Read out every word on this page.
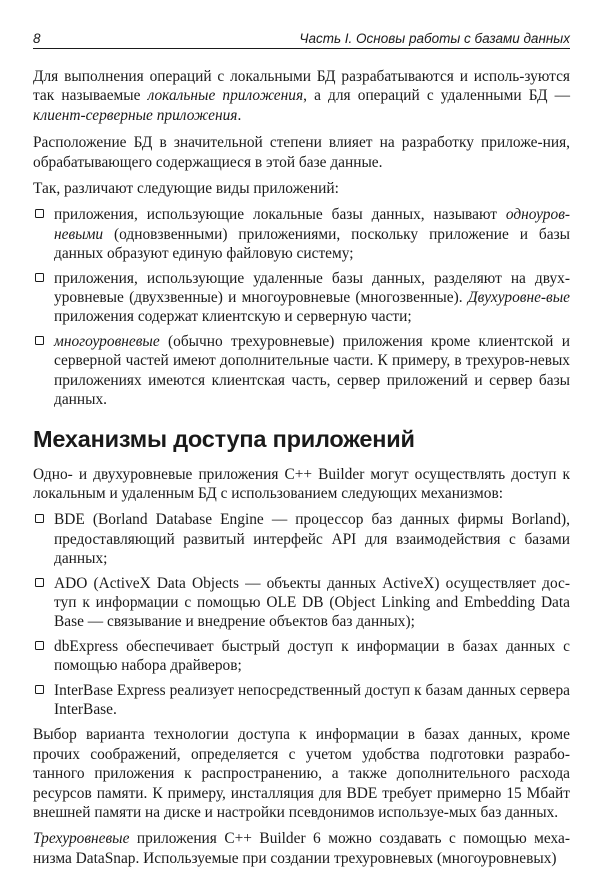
8	Часть I. Основы работы с базами данных

Для выполнения операций с локальными БД разрабатываются и исполь-зуются так называемые локальные приложения, а для операций с удаленными БД — клиент-серверные приложения.

Расположение БД в значительной степени влияет на разработку приложе-ния, обрабатывающего содержащиеся в этой базе данные.

Так, различают следующие виды приложений:

приложения, использующие локальные базы данных, называют одноуров-невыми (одновзвенными) приложениями, поскольку приложение и базы данных образуют единую файловую систему;
приложения, использующие удаленные базы данных, разделяют на двух-уровневые (двухзвенные) и многоуровневые (многозвенные). Двухуровне-вые приложения содержат клиентскую и серверную части;
многоуровневые (обычно трехуровневые) приложения кроме клиентской и серверной частей имеют дополнительные части. К примеру, в трехуров-невых приложениях имеются клиентская часть, сервер приложений и сервер базы данных.
Механизмы доступа приложений

Одно- и двухуровневые приложения C++ Builder могут осуществлять доступ к локальным и удаленным БД с использованием следующих механизмов:

BDE (Borland Database Engine — процессор баз данных фирмы Borland), предоставляющий развитый интерфейс API для взаимодействия с базами данных;
ADO (ActiveX Data Objects — объекты данных ActiveX) осуществляет дос-туп к информации с помощью OLE DB (Object Linking and Embedding Data Base — связывание и внедрение объектов баз данных);
dbExpress обеспечивает быстрый доступ к информации в базах данных с помощью набора драйверов;
InterBase Express реализует непосредственный доступ к базам данных сервера InterBase.

Выбор варианта технологии доступа к информации в базах данных, кроме прочих соображений, определяется с учетом удобства подготовки разрабо-танного приложения к распространению, а также дополнительного расхода ресурсов памяти. К примеру, инсталляция для BDE требует примерно 15 Мбайт внешней памяти на диске и настройки псевдонимов используе-мых баз данных.

Трехуровневые приложения C++ Builder 6 можно создавать с помощью меха-низма DataSnap. Используемые при создании трехуровневых (многоуровневых)
